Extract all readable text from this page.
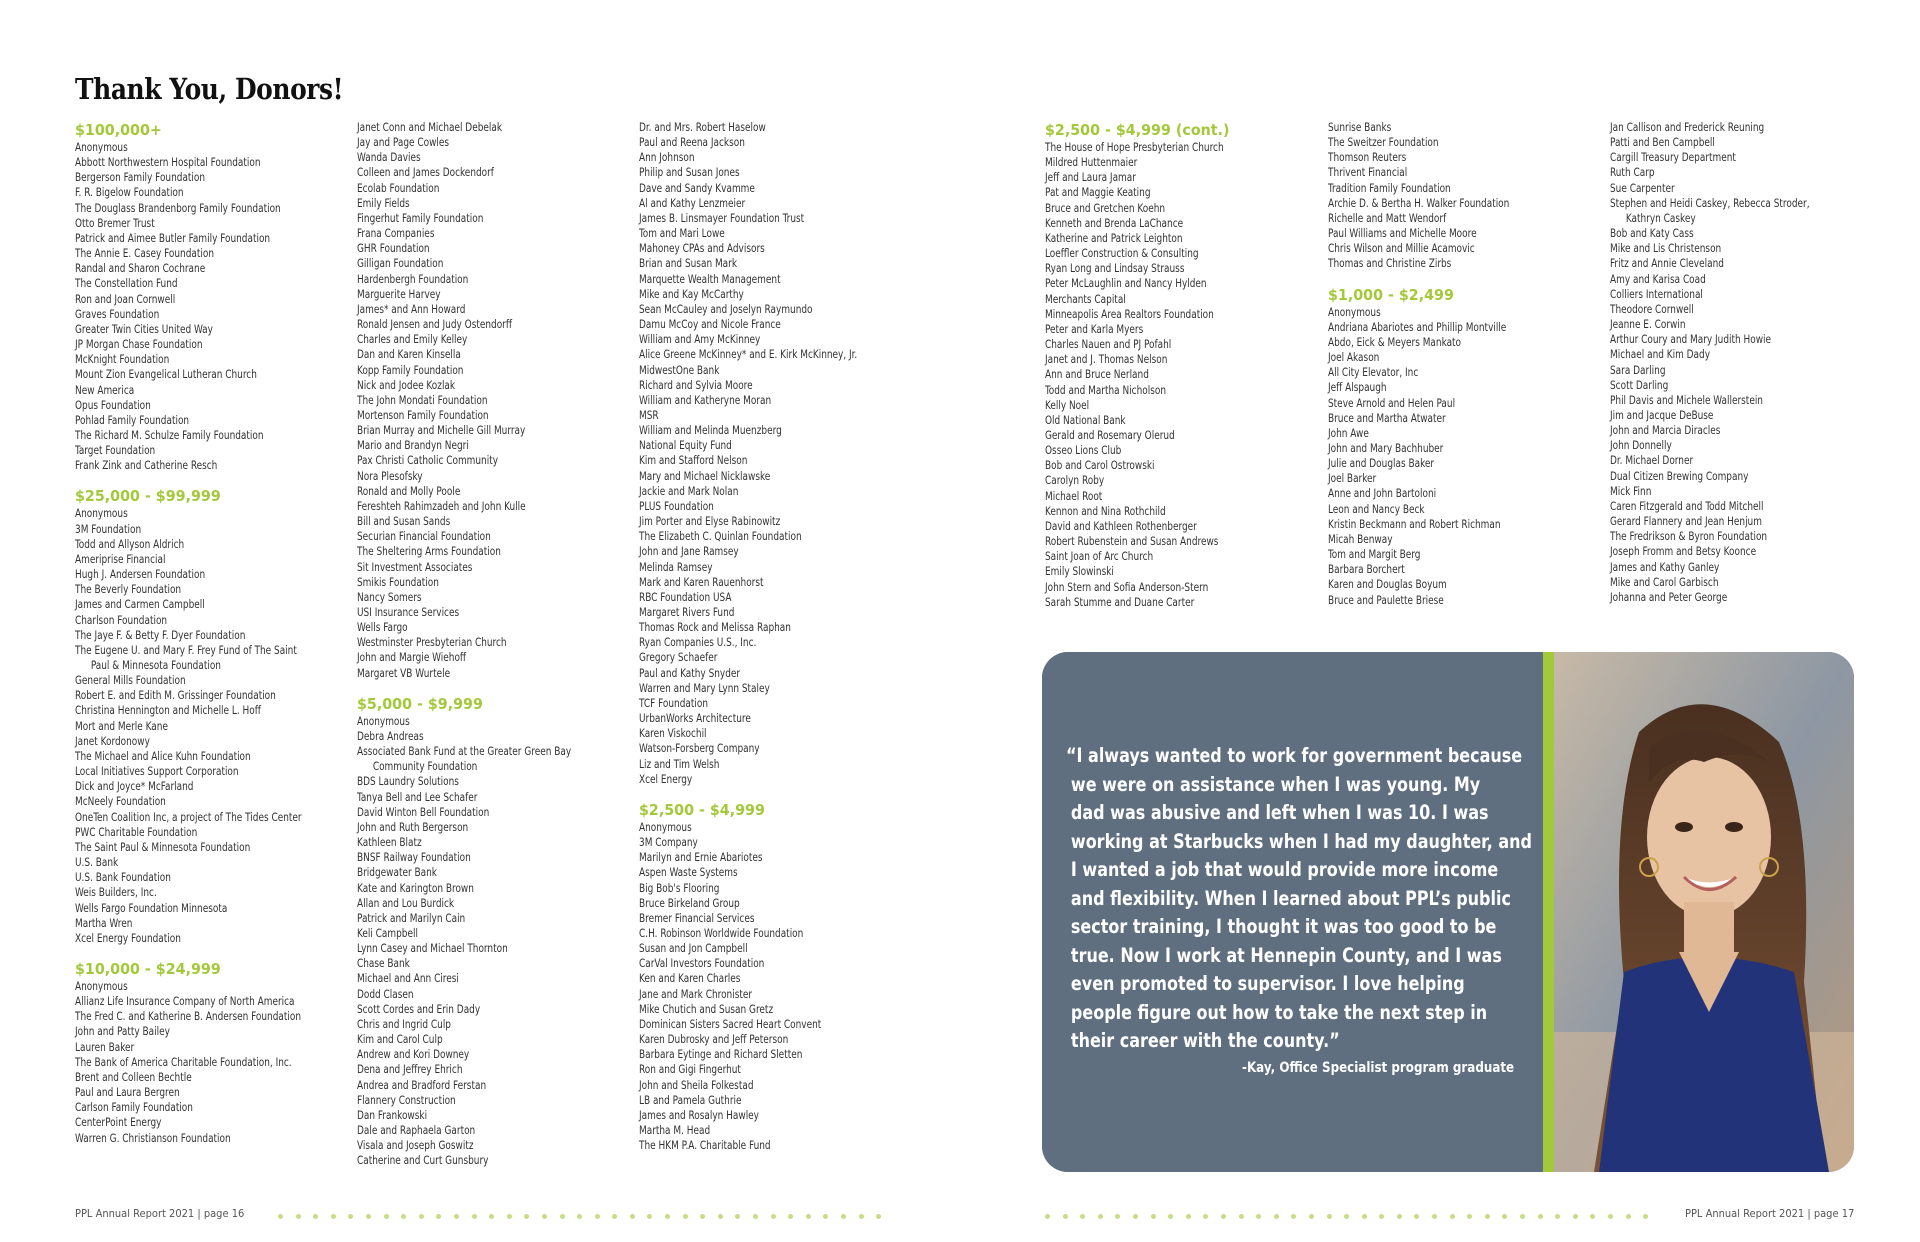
Thank You, Donors!
$100,000+
Anonymous
Abbott Northwestern Hospital Foundation
Bergerson Family Foundation
F. R. Bigelow Foundation
The Douglass Brandenborg Family Foundation
Otto Bremer Trust
Patrick and Aimee Butler Family Foundation
The Annie E. Casey Foundation
Randal and Sharon Cochrane
The Constellation Fund
Ron and Joan Cornwell
Graves Foundation
Greater Twin Cities United Way
JP Morgan Chase Foundation
McKnight Foundation
Mount Zion Evangelical Lutheran Church
New America
Opus Foundation
Pohlad Family Foundation
The Richard M. Schulze Family Foundation
Target Foundation
Frank Zink and Catherine Resch
$25,000 - $99,999
Anonymous
3M Foundation
Todd and Allyson Aldrich
Ameriprise Financial
Hugh J. Andersen Foundation
The Beverly Foundation
James and Carmen Campbell
Charlson Foundation
The Jaye F. & Betty F. Dyer Foundation
The Eugene U. and Mary F. Frey Fund of The Saint
Paul & Minnesota Foundation
General Mills Foundation
Robert E. and Edith M. Grissinger Foundation
Christina Hennington and Michelle L. Hoff
Mort and Merle Kane
Janet Kordonowy
The Michael and Alice Kuhn Foundation
Local Initiatives Support Corporation
Dick and Joyce* McFarland
McNeely Foundation
OneTen Coalition Inc, a project of The Tides Center
PWC Charitable Foundation
The Saint Paul & Minnesota Foundation
U.S. Bank
U.S. Bank Foundation
Weis Builders, Inc.
Wells Fargo Foundation Minnesota
Martha Wren
Xcel Energy Foundation
$10,000 - $24,999
Anonymous
Allianz Life Insurance Company of North America
The Fred C. and Katherine B. Andersen Foundation
John and Patty Bailey
Lauren Baker
The Bank of America Charitable Foundation, Inc.
Brent and Colleen Bechtle
Paul and Laura Bergren
Carlson Family Foundation
CenterPoint Energy
Warren G. Christianson Foundation
Janet Conn and Michael Debelak
Jay and Page Cowles
Wanda Davies
Colleen and James Dockendorf
Ecolab Foundation
Emily Fields
Fingerhut Family Foundation
Frana Companies
GHR Foundation
Gilligan Foundation
Hardenbergh Foundation
Marguerite Harvey
James* and Ann Howard
Ronald Jensen and Judy Ostendorff
Charles and Emily Kelley
Dan and Karen Kinsella
Kopp Family Foundation
Nick and Jodee Kozlak
The John Mondati Foundation
Mortenson Family Foundation
Brian Murray and Michelle Gill Murray
Mario and Brandyn Negri
Pax Christi Catholic Community
Nora Plesofsky
Ronald and Molly Poole
Fereshteh Rahimzadeh and John Kulle
Bill and Susan Sands
Securian Financial Foundation
The Sheltering Arms Foundation
Sit Investment Associates
Smikis Foundation
Nancy Somers
USI Insurance Services
Wells Fargo
Westminster Presbyterian Church
John and Margie Wiehoff
Margaret VB Wurtele
$5,000 - $9,999
Anonymous
Debra Andreas
Associated Bank Fund at the Greater Green Bay
Community Foundation
BDS Laundry Solutions
Tanya Bell and Lee Schafer
David Winton Bell Foundation
John and Ruth Bergerson
Kathleen Blatz
BNSF Railway Foundation
Bridgewater Bank
Kate and Karington Brown
Allan and Lou Burdick
Patrick and Marilyn Cain
Keli Campbell
Lynn Casey and Michael Thornton
Chase Bank
Michael and Ann Ciresi
Dodd Clasen
Scott Cordes and Erin Dady
Chris and Ingrid Culp
Kim and Carol Culp
Andrew and Kori Downey
Dena and Jeffrey Ehrich
Andrea and Bradford Ferstan
Flannery Construction
Dan Frankowski
Dale and Raphaela Garton
Visala and Joseph Goswitz
Catherine and Curt Gunsbury
Dr. and Mrs. Robert Haselow
Paul and Reena Jackson
Ann Johnson
Philip and Susan Jones
Dave and Sandy Kvamme
Al and Kathy Lenzmeier
James B. Linsmayer Foundation Trust
Tom and Mari Lowe
Mahoney CPAs and Advisors
Brian and Susan Mark
Marquette Wealth Management
Mike and Kay McCarthy
Sean McCauley and Joselyn Raymundo
Damu McCoy and Nicole France
William and Amy McKinney
Alice Greene McKinney* and E. Kirk McKinney, Jr.
MidwestOne Bank
Richard and Sylvia Moore
William and Katheryne Moran
MSR
William and Melinda Muenzberg
National Equity Fund
Kim and Stafford Nelson
Mary and Michael Nicklawske
Jackie and Mark Nolan
PLUS Foundation
Jim Porter and Elyse Rabinowitz
The Elizabeth C. Quinlan Foundation
John and Jane Ramsey
Melinda Ramsey
Mark and Karen Rauenhorst
RBC Foundation USA
Margaret Rivers Fund
Thomas Rock and Melissa Raphan
Ryan Companies U.S., Inc.
Gregory Schaefer
Paul and Kathy Snyder
Warren and Mary Lynn Staley
TCF Foundation
UrbanWorks Architecture
Karen Viskochil
Watson-Forsberg Company
Liz and Tim Welsh
Xcel Energy
$2,500 - $4,999
Anonymous
3M Company
Marilyn and Ernie Abariotes
Aspen Waste Systems
Big Bob's Flooring
Bruce Birkeland Group
Bremer Financial Services
C.H. Robinson Worldwide Foundation
Susan and Jon Campbell
CarVal Investors Foundation
Ken and Karen Charles
Jane and Mark Chronister
Mike Chutich and Susan Gretz
Dominican Sisters Sacred Heart Convent
Karen Dubrosky and Jeff Peterson
Barbara Eytinge and Richard Sletten
Ron and Gigi Fingerhut
John and Sheila Folkestad
LB and Pamela Guthrie
James and Rosalyn Hawley
Martha M. Head
The HKM P.A. Charitable Fund
$2,500 - $4,999 (cont.)
The House of Hope Presbyterian Church
Mildred Huttenmaier
Jeff and Laura Jamar
Pat and Maggie Keating
Bruce and Gretchen Koehn
Kenneth and Brenda LaChance
Katherine and Patrick Leighton
Loeffler Construction & Consulting
Ryan Long and Lindsay Strauss
Peter McLaughlin and Nancy Hylden
Merchants Capital
Minneapolis Area Realtors Foundation
Peter and Karla Myers
Charles Nauen and PJ Pofahl
Janet and J. Thomas Nelson
Ann and Bruce Nerland
Todd and Martha Nicholson
Kelly Noel
Old National Bank
Gerald and Rosemary Olerud
Osseo Lions Club
Bob and Carol Ostrowski
Carolyn Roby
Michael Root
Kennon and Nina Rothchild
David and Kathleen Rothenberger
Robert Rubenstein and Susan Andrews
Saint Joan of Arc Church
Emily Slowinski
John Stern and Sofia Anderson-Stern
Sarah Stumme and Duane Carter
Sunrise Banks
The Sweitzer Foundation
Thomson Reuters
Thrivent Financial
Tradition Family Foundation
Archie D. & Bertha H. Walker Foundation
Richelle and Matt Wendorf
Paul Williams and Michelle Moore
Chris Wilson and Millie Acamovic
Thomas and Christine Zirbs
$1,000 - $2,499
Anonymous
Andriana Abariotes and Phillip Montville
Abdo, Eick & Meyers Mankato
Joel Akason
All City Elevator, Inc
Jeff Alspaugh
Steve Arnold and Helen Paul
Bruce and Martha Atwater
John Awe
John and Mary Bachhuber
Julie and Douglas Baker
Joel Barker
Anne and John Bartoloni
Leon and Nancy Beck
Kristin Beckmann and Robert Richman
Micah Benway
Tom and Margit Berg
Barbara Borchert
Karen and Douglas Boyum
Bruce and Paulette Briese
Jan Callison and Frederick Reuning
Patti and Ben Campbell
Cargill Treasury Department
Ruth Carp
Sue Carpenter
Stephen and Heidi Caskey, Rebecca Stroder,
Kathryn Caskey
Bob and Katy Cass
Mike and Lis Christenson
Fritz and Annie Cleveland
Amy and Karisa Coad
Colliers International
Theodore Cornwell
Jeanne E. Corwin
Arthur Coury and Mary Judith Howie
Michael and Kim Dady
Sara Darling
Scott Darling
Phil Davis and Michele Wallerstein
Jim and Jacque DeBuse
John and Marcia Diracles
John Donnelly
Dr. Michael Dorner
Dual Citizen Brewing Company
Mick Finn
Caren Fitzgerald and Todd Mitchell
Gerard Flannery and Jean Henjum
The Fredrikson & Byron Foundation
Joseph Fromm and Betsy Koonce
James and Kathy Ganley
Mike and Carol Garbisch
Johanna and Peter George

“I always wanted to work for government because
we were on assistance when I was young. My
dad was abusive and left when I was 10. I was
working at Starbucks when I had my daughter, and
I wanted a job that would provide more income
and flexibility. When I learned about PPL’s public
sector training, I thought it was too good to be
true. Now I work at Hennepin County, and I was
even promoted to supervisor. I love helping
people figure out how to take the next step in
their career with the county.”

-Kay, Office Specialist program graduate
PPL Annual Report 2021 | page 16	PPL Annual Report 2021 | page 17
